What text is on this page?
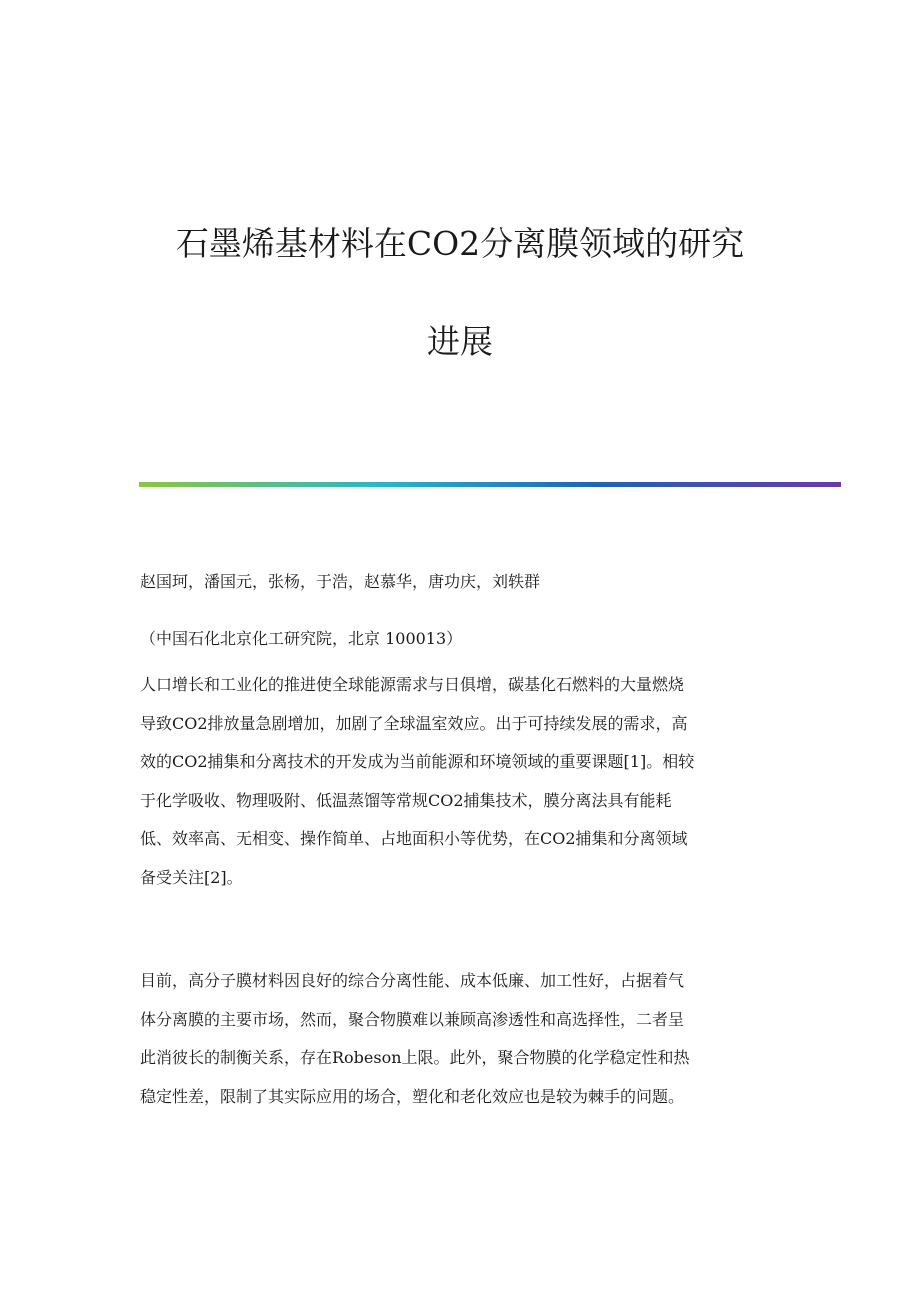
石墨烯基材料在CO2分离膜领域的研究
进展

赵国珂，潘国元，张杨，于浩，赵慕华，唐功庆，刘轶群

（中国石化北京化工研究院，北京 100013）

人口增长和工业化的推进使全球能源需求与日俱增，碳基化石燃料的大量燃烧
导致CO2排放量急剧增加，加剧了全球温室效应。出于可持续发展的需求，高
效的CO2捕集和分离技术的开发成为当前能源和环境领域的重要课题[1]。相较
于化学吸收、物理吸附、低温蒸馏等常规CO2捕集技术，膜分离法具有能耗
低、效率高、无相变、操作简单、占地面积小等优势，在CO2捕集和分离领域
备受关注[2]。
目前，高分子膜材料因良好的综合分离性能、成本低廉、加工性好，占据着气
体分离膜的主要市场，然而，聚合物膜难以兼顾高渗透性和高选择性，二者呈
此消彼长的制衡关系，存在Robeson上限。此外，聚合物膜的化学稳定性和热
稳定性差，限制了其实际应用的场合，塑化和老化效应也是较为棘手的问题。
